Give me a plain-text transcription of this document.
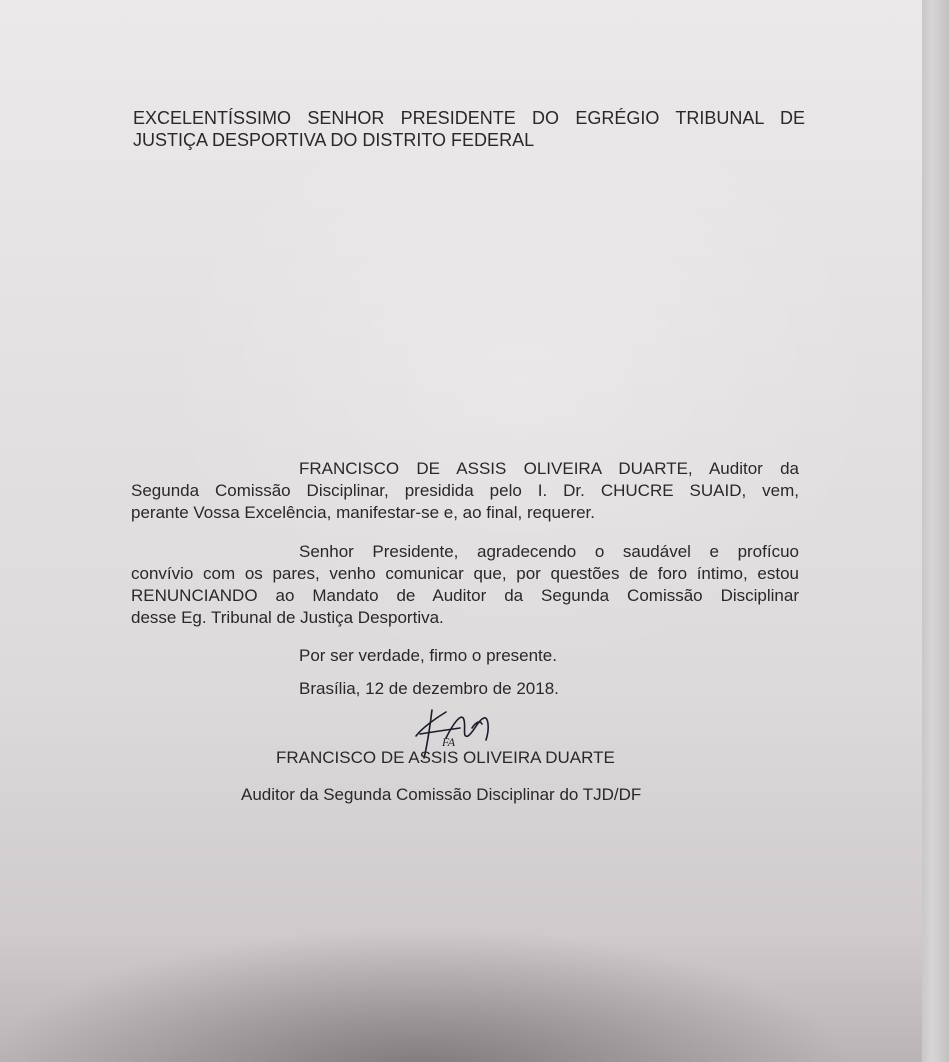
EXCELENTÍSSIMO SENHOR PRESIDENTE DO EGRÉGIO TRIBUNAL DE
JUSTIÇA DESPORTIVA DO DISTRITO FEDERAL
FRANCISCO DE ASSIS OLIVEIRA DUARTE, Auditor da
Segunda Comissão Disciplinar, presidida pelo I. Dr. CHUCRE SUAID, vem,
perante Vossa Excelência, manifestar-se e, ao final, requerer.
Senhor Presidente, agradecendo o saudável e profícuo
convívio com os pares, venho comunicar que, por questões de foro íntimo, estou
RENUNCIANDO ao Mandato de Auditor da Segunda Comissão Disciplinar
desse Eg. Tribunal de Justiça Desportiva.
Por ser verdade, firmo o presente.
Brasília, 12 de dezembro de 2018.
FA
FRANCISCO DE ASSIS OLIVEIRA DUARTE
Auditor da Segunda Comissão Disciplinar do TJD/DF
